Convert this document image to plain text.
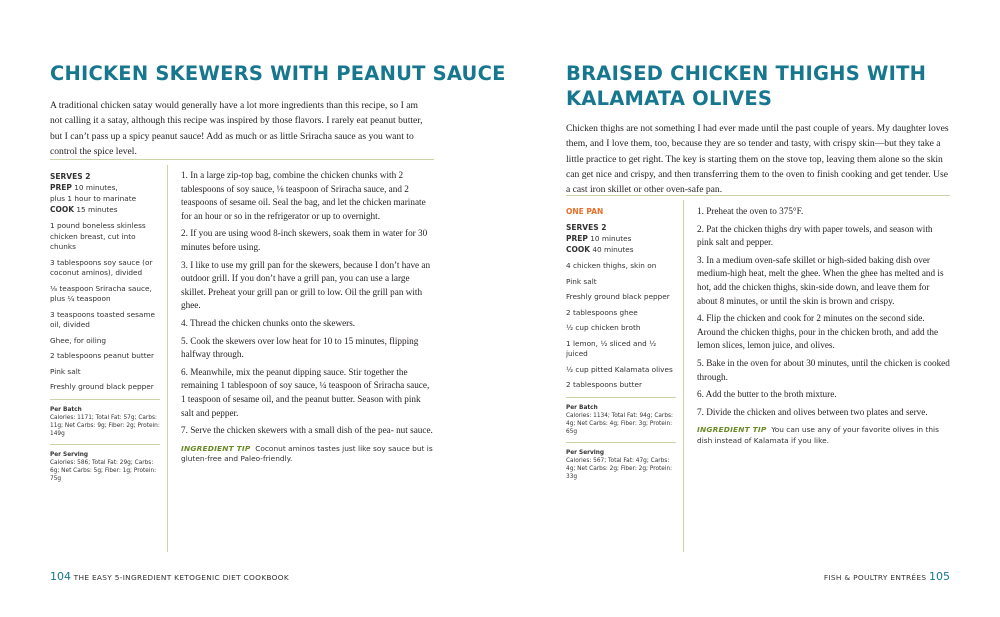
CHICKEN SKEWERS WITH PEANUT SAUCE

A traditional chicken satay would generally have a lot more ingredients than this recipe, so I am not calling it a satay, although this recipe was inspired by those flavors. I rarely eat peanut butter, but I can’t pass up a spicy peanut sauce! Add as much or as little Sriracha sauce as you want to control the spice level.

SERVES 2
PREP 10 minutes,
plus 1 hour to marinate
COOK 15 minutes
1 pound boneless skinless chicken breast, cut into chunks
3 tablespoons soy sauce (or coconut aminos), divided
⅛ teaspoon Sriracha sauce, plus ¼ teaspoon
3 teaspoons toasted sesame oil, divided
Ghee, for oiling
2 tablespoons peanut butter
Pink salt
Freshly ground black pepper
Per Batch
Calories: 1171; Total Fat: 57g; Carbs: 11g; Net Carbs: 9g; Fiber: 2g; Protein: 149g
Per Serving
Calories: 586; Total Fat: 29g; Carbs: 6g; Net Carbs: 5g; Fiber: 1g; Protein: 75g
1. In a large zip-top bag, combine the chicken chunks with 2 tablespoons of soy sauce, ⅛ teaspoon of Sriracha sauce, and 2 teaspoons of sesame oil. Seal the bag, and let the chicken marinate for an hour or so in the refrigerator or up to overnight.
2. If you are using wood 8-inch skewers, soak them in water for 30 minutes before using.
3. I like to use my grill pan for the skewers, because I don’t have an outdoor grill. If you don’t have a grill pan, you can use a large skillet. Preheat your grill pan or grill to low. Oil the grill pan with ghee.
4. Thread the chicken chunks onto the skewers.
5. Cook the skewers over low heat for 10 to 15 minutes, flipping halfway through.
6. Meanwhile, mix the peanut dipping sauce. Stir together the remaining 1 tablespoon of soy sauce, ¼ teaspoon of Sriracha sauce, 1 teaspoon of sesame oil, and the peanut butter. Season with pink salt and pepper.
7. Serve the chicken skewers with a small dish of the pea- nut sauce.
INGREDIENT TIP Coconut aminos tastes just like soy sauce but is gluten-free and Paleo-friendly.
104 THE EASY 5-INGREDIENT KETOGENIC DIET COOKBOOK
BRAISED CHICKEN THIGHS WITH
KALAMATA OLIVES

Chicken thighs are not something I had ever made until the past couple of years. My daughter loves them, and I love them, too, because they are so tender and tasty, with crispy skin—but they take a little practice to get right. The key is starting them on the stove top, leaving them alone so the skin can get nice and crispy, and then transferring them to the oven to finish cooking and get tender. Use a cast iron skillet or other oven-safe pan.

ONE PAN
SERVES 2
PREP 10 minutes
COOK 40 minutes
4 chicken thighs, skin on
Pink salt
Freshly ground black pepper
2 tablespoons ghee
½ cup chicken broth
1 lemon, ½ sliced and ½ juiced
½ cup pitted Kalamata olives
2 tablespoons butter
Per Batch
Calories: 1134; Total Fat: 94g; Carbs: 4g; Net Carbs: 4g; Fiber: 3g; Protein: 65g
Per Serving
Calories: 567; Total Fat: 47g; Carbs: 4g; Net Carbs: 2g; Fiber: 2g; Protein: 33g
1. Preheat the oven to 375°F.
2. Pat the chicken thighs dry with paper towels, and season with pink salt and pepper.
3. In a medium oven-safe skillet or high-sided baking dish over medium-high heat, melt the ghee. When the ghee has melted and is hot, add the chicken thighs, skin-side down, and leave them for about 8 minutes, or until the skin is brown and crispy.
4. Flip the chicken and cook for 2 minutes on the second side. Around the chicken thighs, pour in the chicken broth, and add the lemon slices, lemon juice, and olives.
5. Bake in the oven for about 30 minutes, until the chicken is cooked through.
6. Add the butter to the broth mixture.
7. Divide the chicken and olives between two plates and serve.
INGREDIENT TIP You can use any of your favorite olives in this dish instead of Kalamata if you like.
FISH & POULTRY ENTRÉES 105
